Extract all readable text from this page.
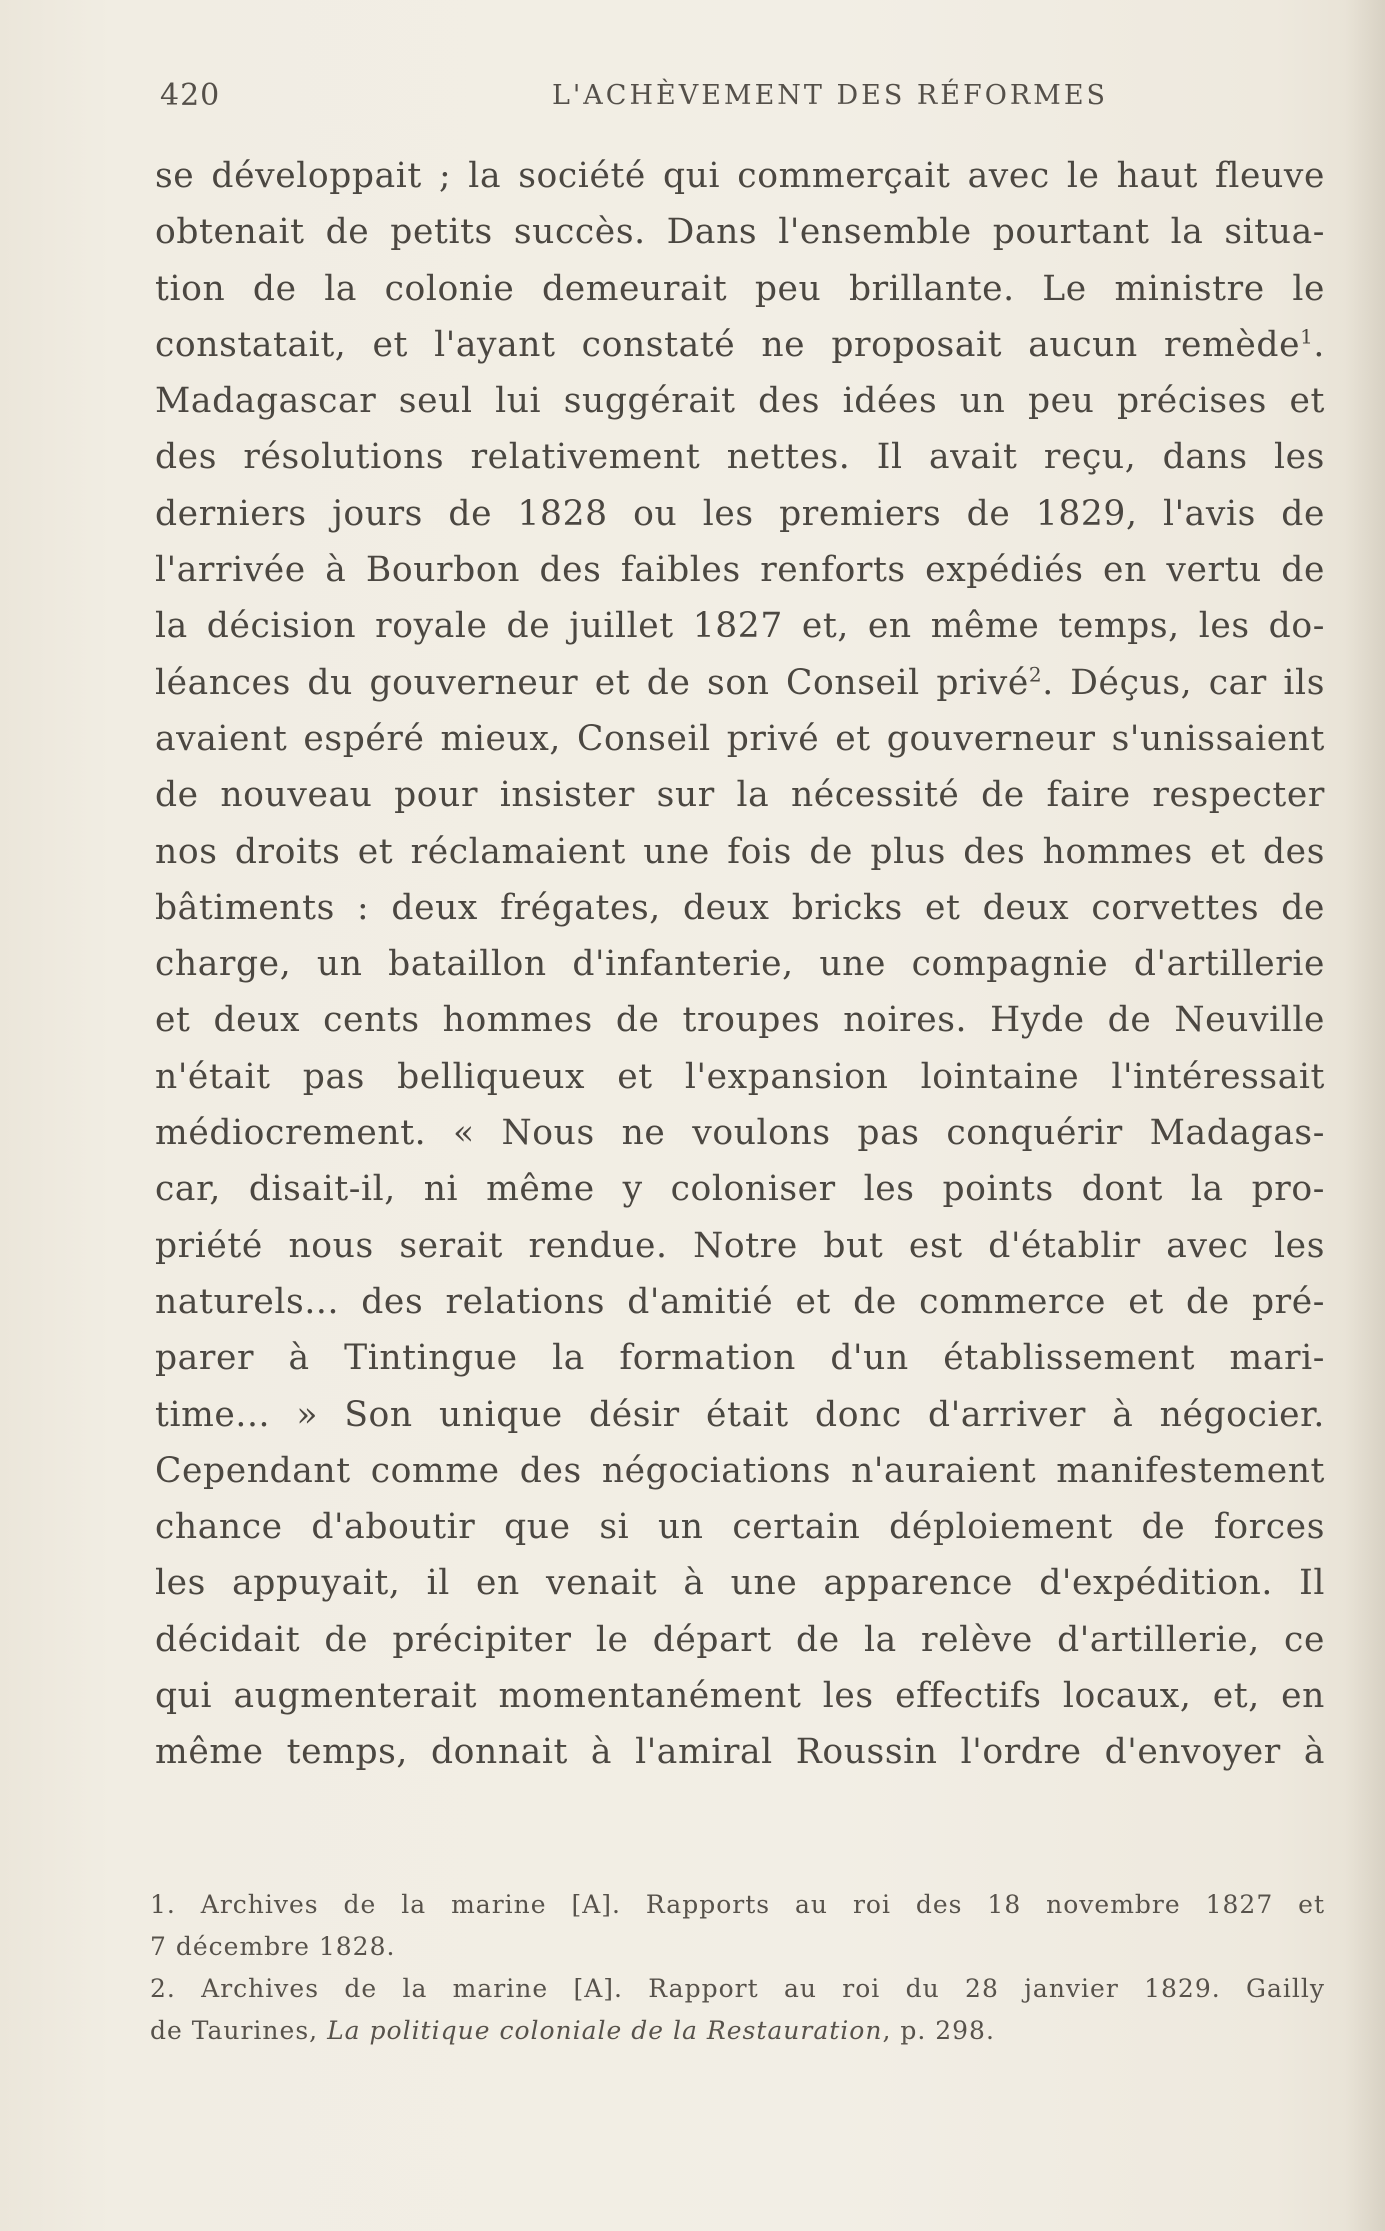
420	L'ACHÈVEMENT DES RÉFORMES
se développait ; la société qui commerçait avec le haut fleuve
obtenait de petits succès. Dans l'ensemble pourtant la situa-
tion de la colonie demeurait peu brillante. Le ministre le
constatait, et l'ayant constaté ne proposait aucun remède$^1$.
Madagascar seul lui suggérait des idées un peu précises et
des résolutions relativement nettes. Il avait reçu, dans les
derniers jours de 1828 ou les premiers de 1829, l'avis de
l'arrivée à Bourbon des faibles renforts expédiés en vertu de
la décision royale de juillet 1827 et, en même temps, les do-
léances du gouverneur et de son Conseil privé$^2$. Déçus, car ils
avaient espéré mieux, Conseil privé et gouverneur s'unissaient
de nouveau pour insister sur la nécessité de faire respecter
nos droits et réclamaient une fois de plus des hommes et des
bâtiments : deux frégates, deux bricks et deux corvettes de
charge, un bataillon d'infanterie, une compagnie d'artillerie
et deux cents hommes de troupes noires. Hyde de Neuville
n'était pas belliqueux et l'expansion lointaine l'intéressait
médiocrement. « Nous ne voulons pas conquérir Madagas-
car, disait-il, ni même y coloniser les points dont la pro-
priété nous serait rendue. Notre but est d'établir avec les
naturels... des relations d'amitié et de commerce et de pré-
parer à Tintingue la formation d'un établissement mari-
time... » Son unique désir était donc d'arriver à négocier.
Cependant comme des négociations n'auraient manifestement
chance d'aboutir que si un certain déploiement de forces
les appuyait, il en venait à une apparence d'expédition. Il
décidait de précipiter le départ de la relève d'artillerie, ce
qui augmenterait momentanément les effectifs locaux, et, en
même temps, donnait à l'amiral Roussin l'ordre d'envoyer à
1. Archives de la marine [A]. Rapports au roi des 18 novembre 1827 et
7 décembre 1828.
2. Archives de la marine [A]. Rapport au roi du 28 janvier 1829. Gailly
de Taurines, La politique coloniale de la Restauration, p. 298.
